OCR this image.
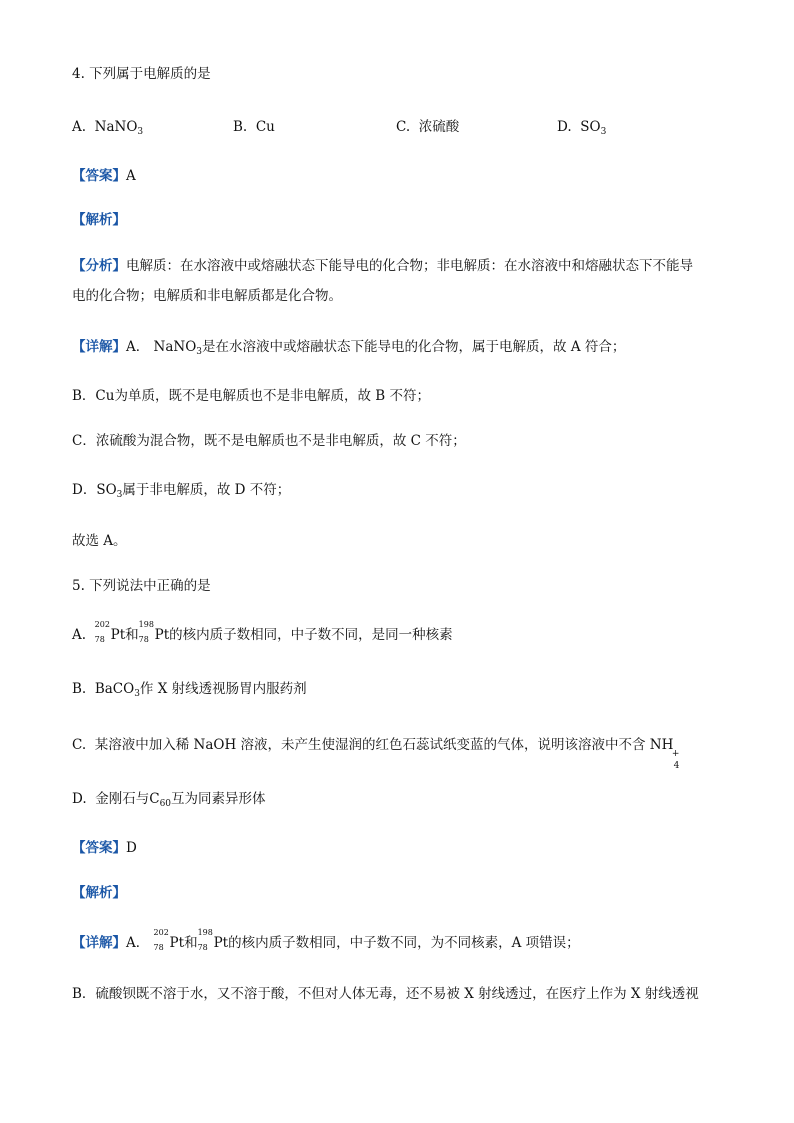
4. 下列属于电解质的是
A. NaNO$_3$	B. Cu	C. 浓硫酸	D. $SO_3$
【答案】A
【解析】
【分析】电解质：在水溶液中或熔融状态下能导电的化合物；非电解质：在水溶液中和熔融状态下不能导
电的化合物；电解质和非电解质都是化合物。
【详解】A． NaNO$_3$是在水溶液中或熔融状态下能导电的化合物，属于电解质，故 A 符合；
B．Cu为单质，既不是电解质也不是非电解质，故 B 不符；
C．浓硫酸为混合物，既不是电解质也不是非电解质，故 C 不符；
D．$SO_3$属于非电解质，故 D 不符；
故选 A。
5. 下列说法中正确的是
A.
202
78 Pt和
198
78 Pt的核内质子数相同，中子数不同，是同一种核素
B. BaCO$_3$作 X 射线透视肠胃内服药剂
C. 某溶液中加入稀 NaOH 溶液，未产生使湿润的红色石蕊试纸变蓝的气体，说明该溶液中不含 NH
+
4
D. 金刚石与$C_{60}$互为同素异形体
【答案】D
【解析】
【详解】A．
202
78 Pt和
198
78 Pt的核内质子数相同，中子数不同，为不同核素，A 项错误；
B．硫酸钡既不溶于水，又不溶于酸，不但对人体无毒，还不易被 X 射线透过，在医疗上作为 X 射线透视
